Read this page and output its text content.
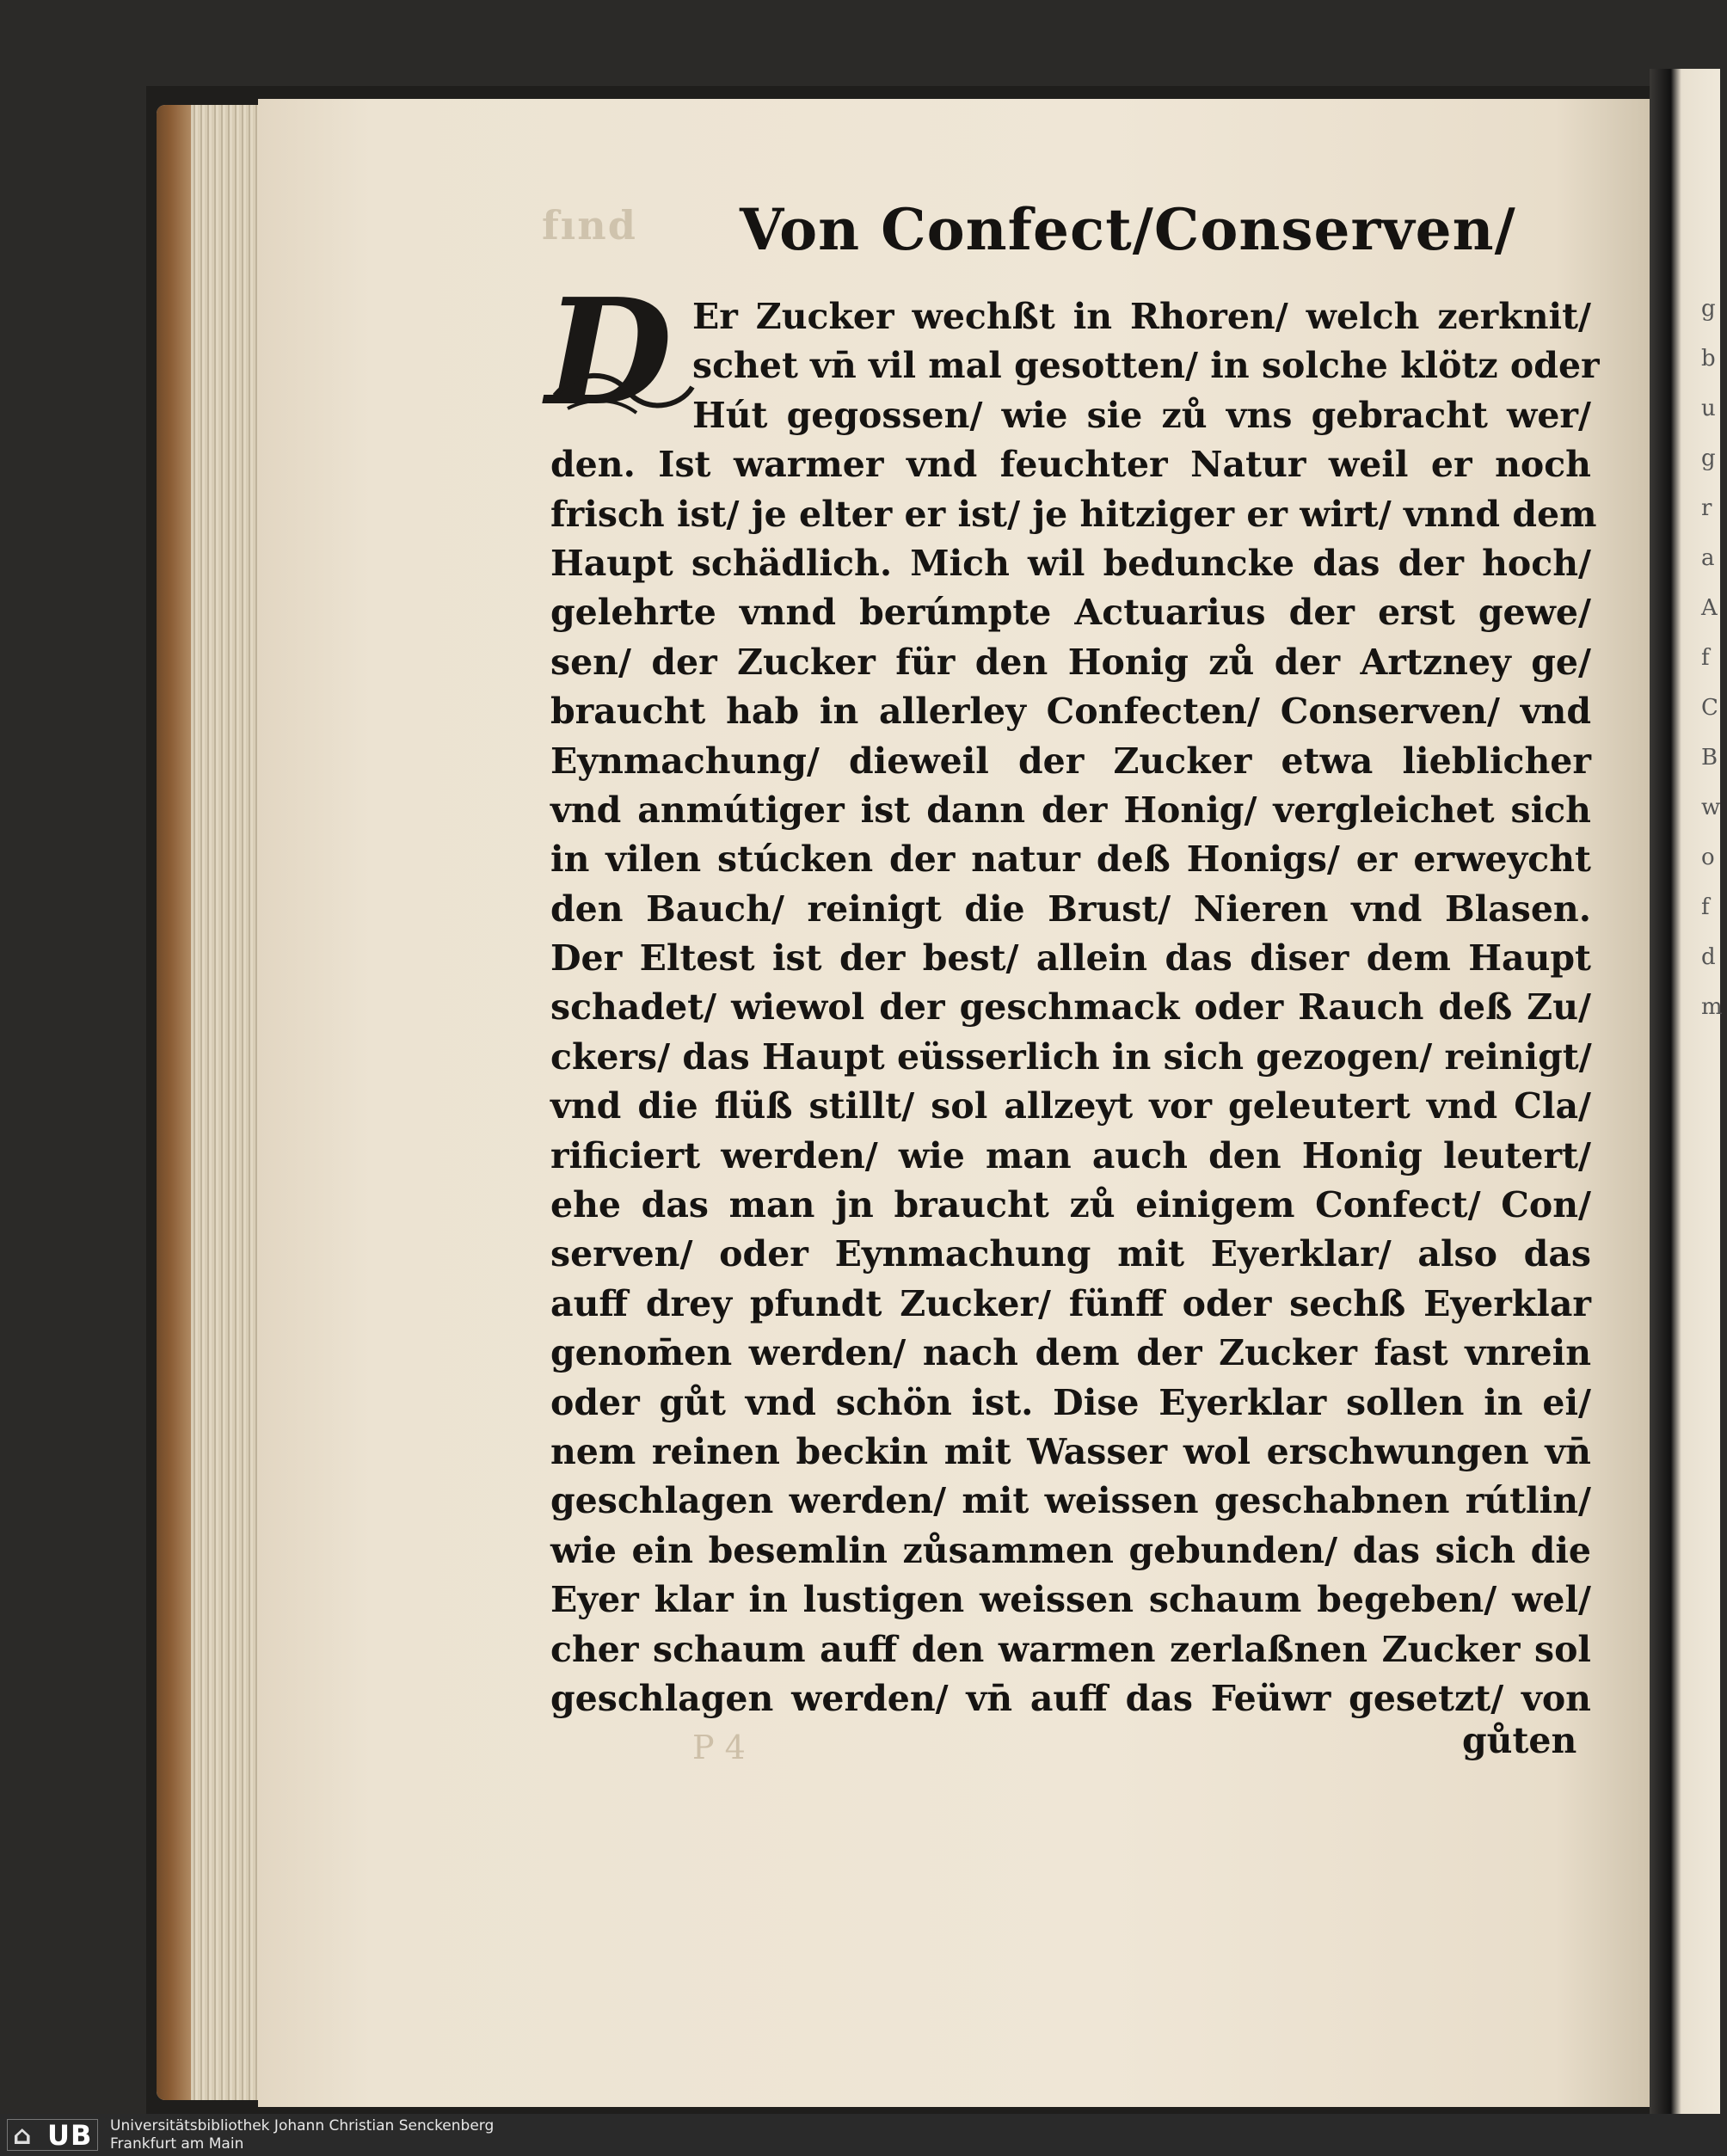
g
b
u
g
r
a
A
f
C
B
w
o
f
d
m
fınd Von Confect/Conserven/
D Er Zucker wechßt in Rhoren/ welch zerknit/
schet vn̄ vil mal gesotten/ in solche klötz oder
Hút gegossen/ wie sie zů vns gebracht wer/
den. Ist warmer vnd feuchter Natur weil er noch
frisch ist/ je elter er ist/ je hitziger er wirt/ vnnd dem
Haupt schädlich. Mich wil beduncke das der hoch/
gelehrte vnnd berúmpte Actuarius der erst gewe/
sen/ der Zucker für den Honig zů der Artzney ge/
braucht hab in allerley Confecten/ Conserven/ vnd
Eynmachung/ dieweil der Zucker etwa lieblicher
vnd anmútiger ist dann der Honig/ vergleichet sich
in vilen stúcken der natur deß Honigs/ er erweycht
den Bauch/ reinigt die Brust/ Nieren vnd Blasen.
Der Eltest ist der best/ allein das diser dem Haupt
schadet/ wiewol der geschmack oder Rauch deß Zu/
ckers/ das Haupt eüsserlich in sich gezogen/ reinigt/
vnd die flüß stillt/ sol allzeyt vor geleutert vnd Cla/
rificiert werden/ wie man auch den Honig leutert/
ehe das man jn braucht zů einigem Confect/ Con/
serven/ oder Eynmachung mit Eyerklar/ also das
auff drey pfundt Zucker/ fünff oder sechß Eyerklar
genom̄en werden/ nach dem der Zucker fast vnrein
oder gůt vnd schön ist. Dise Eyerklar sollen in ei/
nem reinen beckin mit Wasser wol erschwungen vn̄
geschlagen werden/ mit weissen geschabnen rútlin/
wie ein besemlin zůsammen gebunden/ das sich die
Eyer klar in lustigen weissen schaum begeben/ wel/
cher schaum auff den warmen zerlaßnen Zucker sol
geschlagen werden/ vn̄ auff das Feüwr gesetzt/ von
P 4	gůten
⌂ UB	Universitätsbibliothek Johann Christian Senckenberg
Frankfurt am Main
